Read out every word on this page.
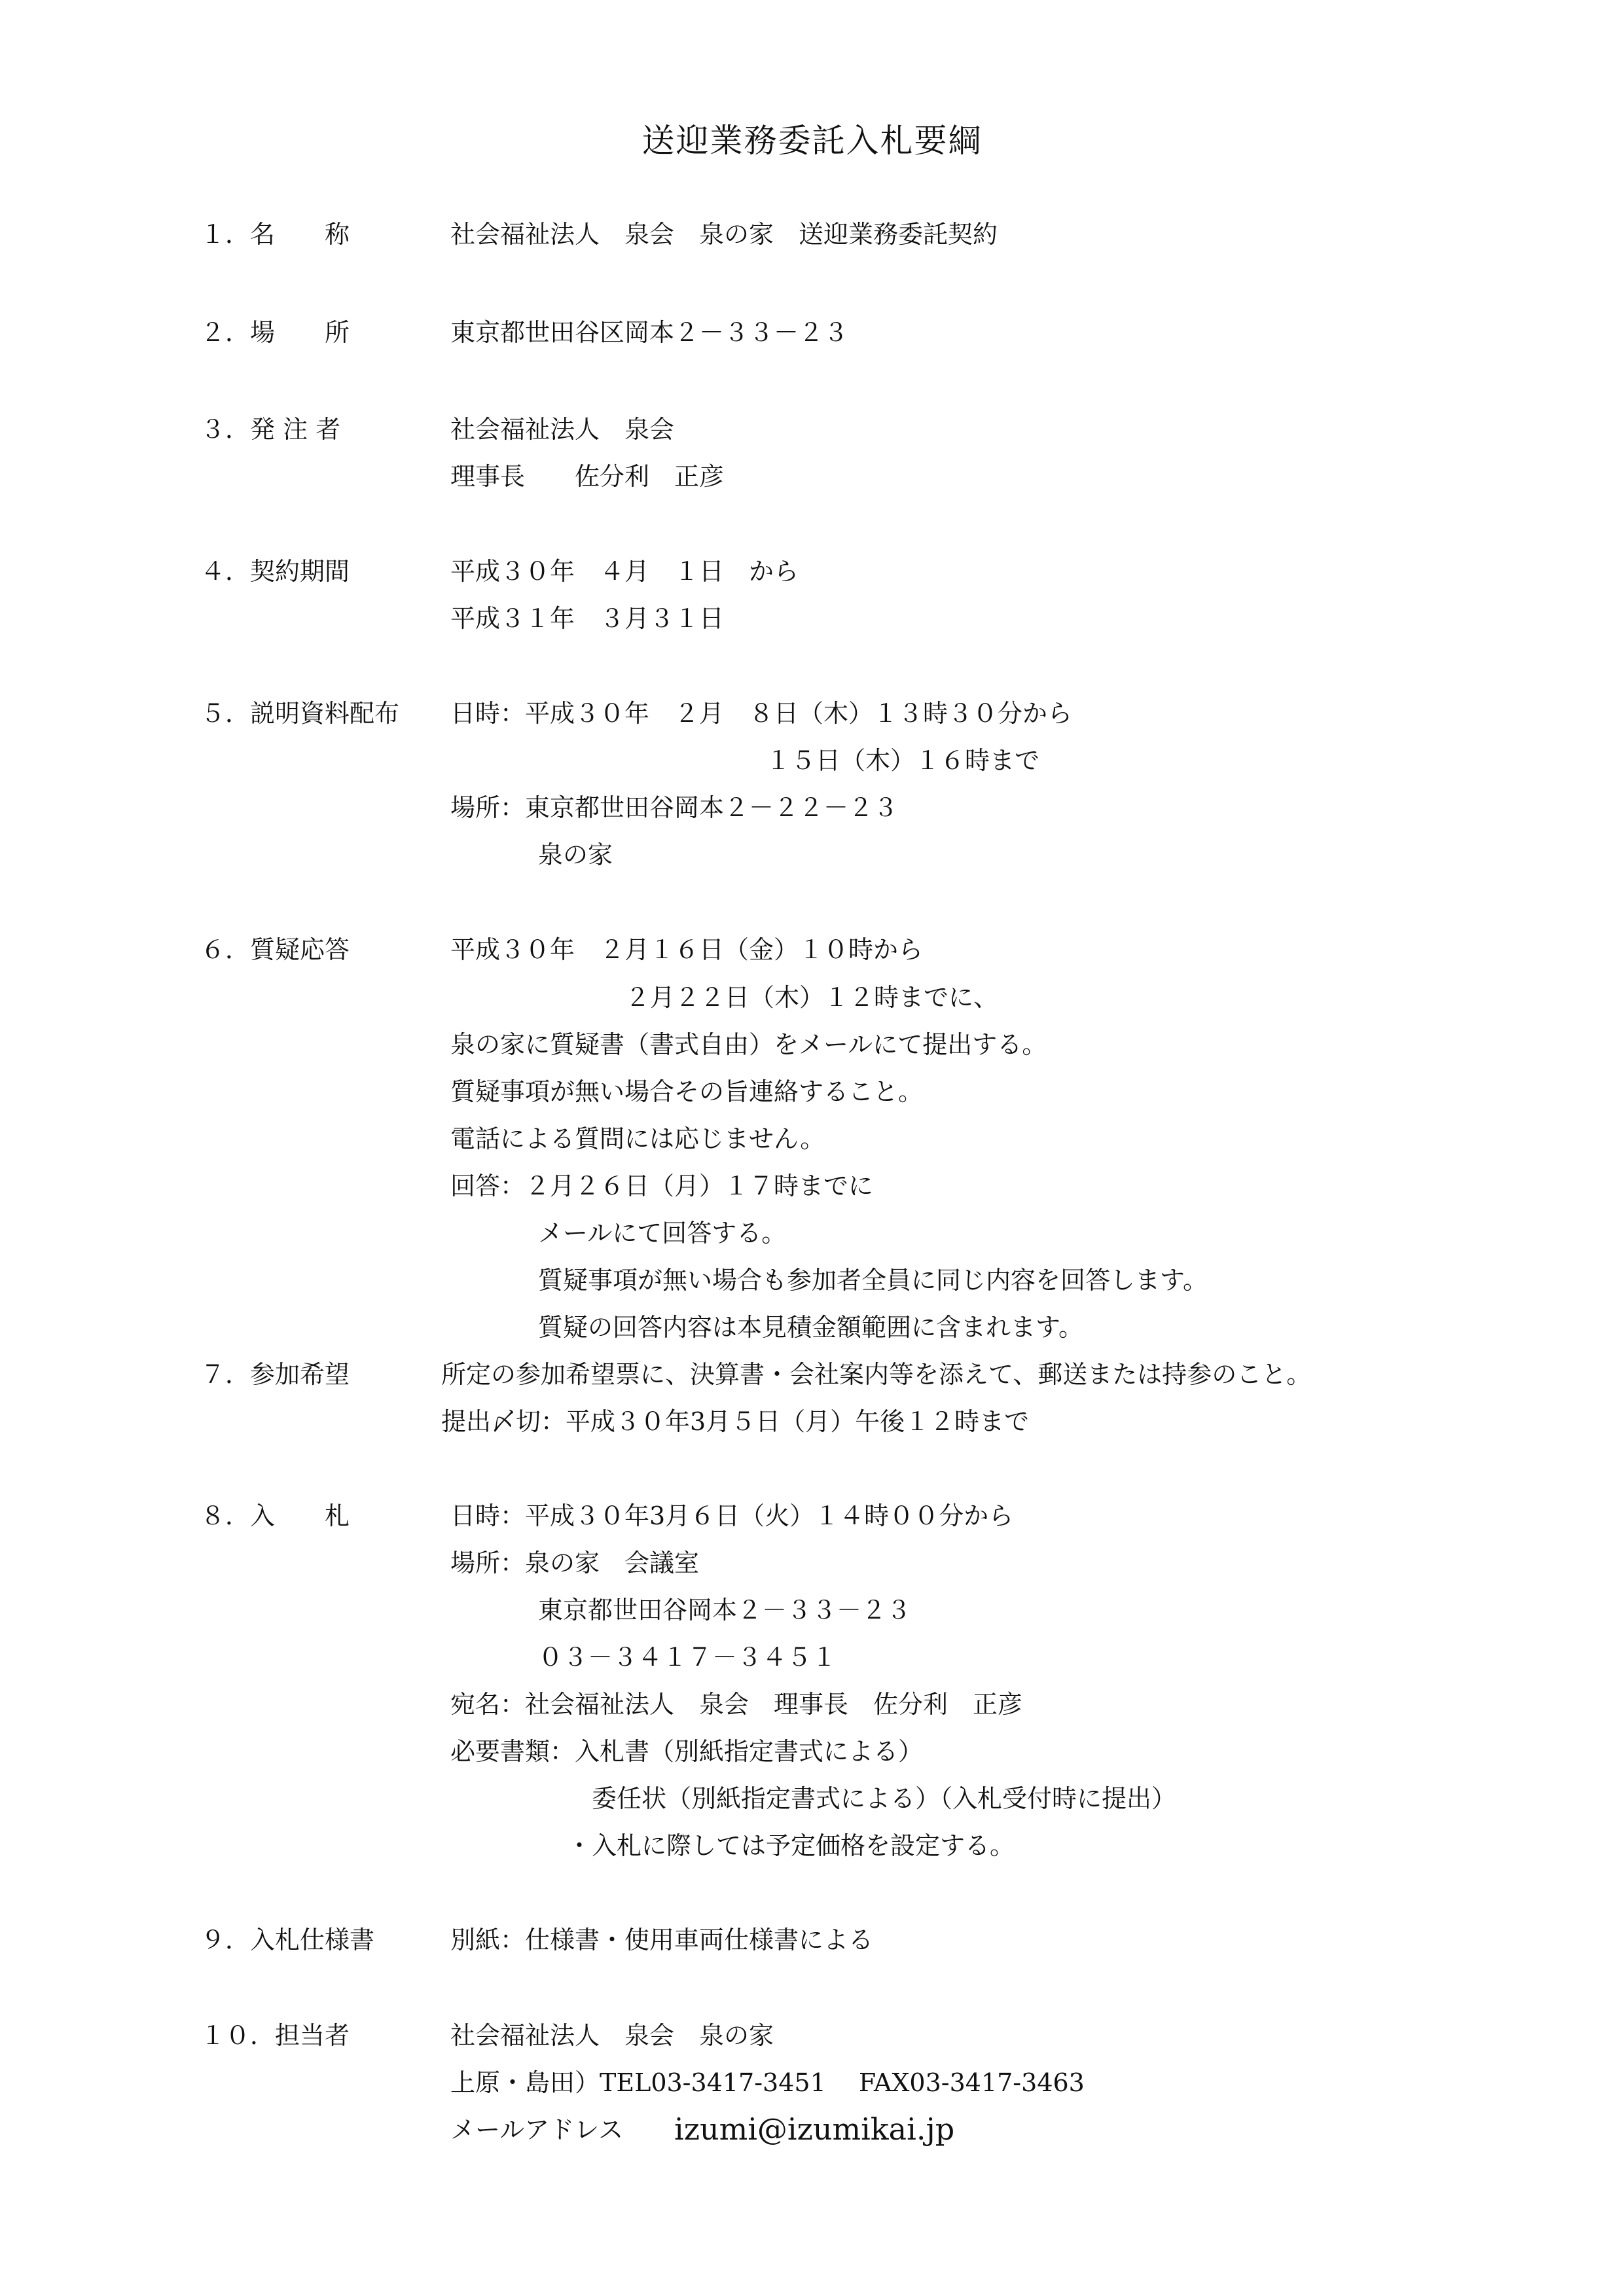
送迎業務委託入札要綱
１．名　　称	社会福祉法人　泉会　泉の家　送迎業務委託契約
２．場　　所	東京都世田谷区岡本２－３３－２３
３．発 注 者	社会福祉法人　泉会
理事長　　佐分利　正彦
４．契約期間	平成３０年　４月　１日　から
平成３１年　３月３１日
５．説明資料配布 日時：平成３０年　２月　８日（木）１３時３０分から
１５日（木）１６時まで
場所：東京都世田谷岡本２－２２－２３
泉の家
６．質疑応答	平成３０年　２月１６日（金）１０時から
２月２２日（木）１２時までに、
泉の家に質疑書（書式自由）をメールにて提出する。
質疑事項が無い場合その旨連絡すること。
電話による質問には応じません。
回答：２月２６日（月）１７時までに
メールにて回答する。
質疑事項が無い場合も参加者全員に同じ内容を回答します。
質疑の回答内容は本見積金額範囲に含まれます。
７．参加希望	所定の参加希望票に、決算書・会社案内等を添えて、郵送または持参のこと。
提出〆切：平成３０年3月５日（月）午後１２時まで
８．入　　札	日時：平成３０年3月６日（火）１４時００分から
場所：泉の家　会議室
東京都世田谷岡本２－３３－２３
０３－３４１７－３４５１
宛名：社会福祉法人　泉会　理事長　佐分利　正彦
必要書類：入札書（別紙指定書式による）
委任状（別紙指定書式による）（入札受付時に提出）
・入札に際しては予定価格を設定する。
９．入札仕様書	別紙：仕様書・使用車両仕様書による
１０．担当者	社会福祉法人　泉会　泉の家
上原・島田）TEL03-3417-3451　 FAX03-3417-3463
メールアドレス　 izumi@izumikai.jp
